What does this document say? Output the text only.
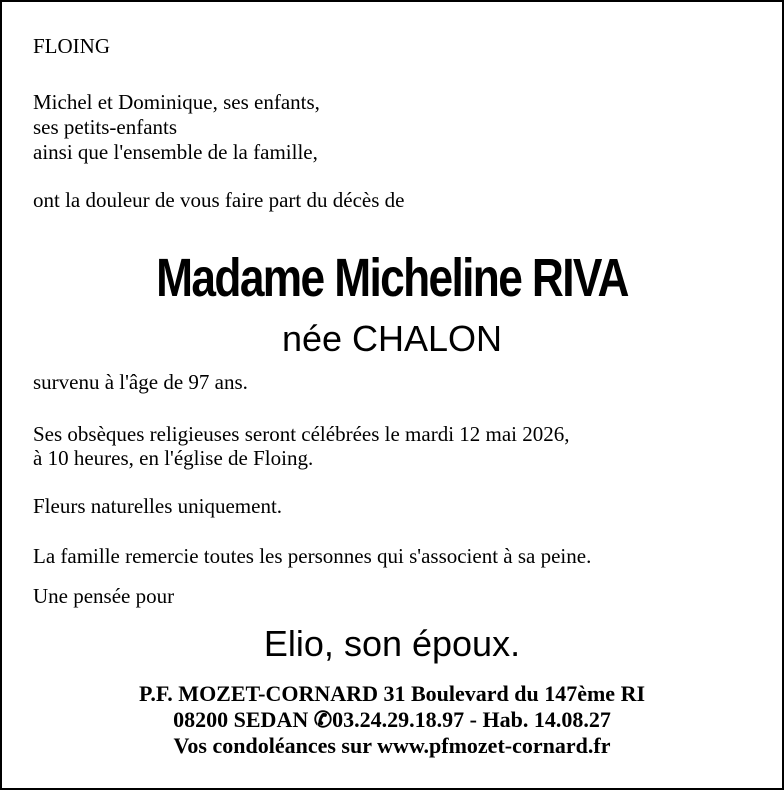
FLOING
Michel et Dominique, ses enfants,
ses petits-enfants
ainsi que l'ensemble de la famille,
ont la douleur de vous faire part du décès de
Madame Micheline RIVA
née CHALON
survenu à l'âge de 97 ans.
Ses obsèques religieuses seront célébrées le mardi 12 mai 2026,
à 10 heures, en l'église de Floing.
Fleurs naturelles uniquement.
La famille remercie toutes les personnes qui s'associent à sa peine.
Une pensée pour
Elio, son époux.
P.F. MOZET-CORNARD 31 Boulevard du 147ème RI
08200 SEDAN ✆03.24.29.18.97 - Hab. 14.08.27
Vos condoléances sur www.pfmozet-cornard.fr
